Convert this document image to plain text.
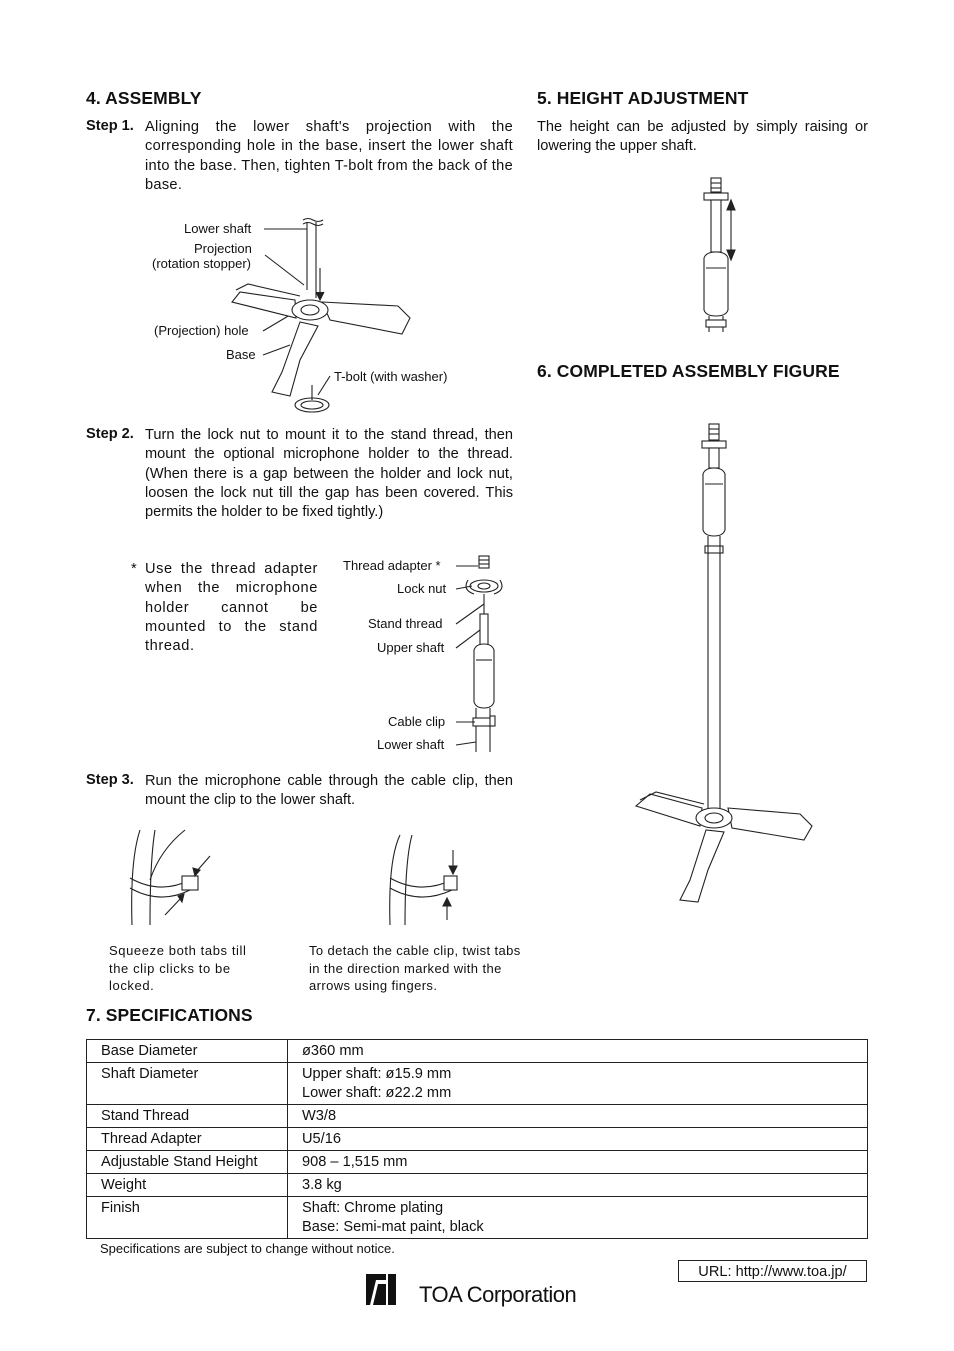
4. ASSEMBLY
Step 1. Aligning the lower shaft's projection with the corresponding hole in the base, insert the lower shaft into the base. Then, tighten T-bolt from the back of the base.
Lower shaft
Projection
(rotation stopper)
(Projection) hole
Base
T-bolt (with washer)
Step 2. Turn the lock nut to mount it to the stand thread, then mount the optional microphone holder to the thread. (When there is a gap between the holder and lock nut, loosen the lock nut till the gap has been covered. This permits the holder to be fixed tightly.)
* Use the thread adapter when the microphone holder cannot be mounted to the stand thread.
Thread adapter *
Lock nut
Stand thread
Upper shaft
Cable clip
Lower shaft
Step 3. Run the microphone cable through the cable clip, then mount the clip to the lower shaft.
Squeeze both tabs till the clip clicks to be locked.
To detach the cable clip, twist tabs in the direction marked with the arrows using fingers.
5. HEIGHT ADJUSTMENT
The height can be adjusted by simply raising or lowering the upper shaft.
6. COMPLETED ASSEMBLY FIGURE
7. SPECIFICATIONS
Base Diameter	ø360 mm

Shaft Diameter	Upper shaft: ø15.9 mm
Lower shaft: ø22.2 mm

Stand Thread	W3/8

Thread Adapter	U5/16

Adjustable Stand Height	908 – 1,515 mm

Weight	3.8 kg

Finish	Shaft: Chrome plating
Base: Semi-mat paint, black
Specifications are subject to change without notice.
URL: http://www.toa.jp/
TOA Corporation
